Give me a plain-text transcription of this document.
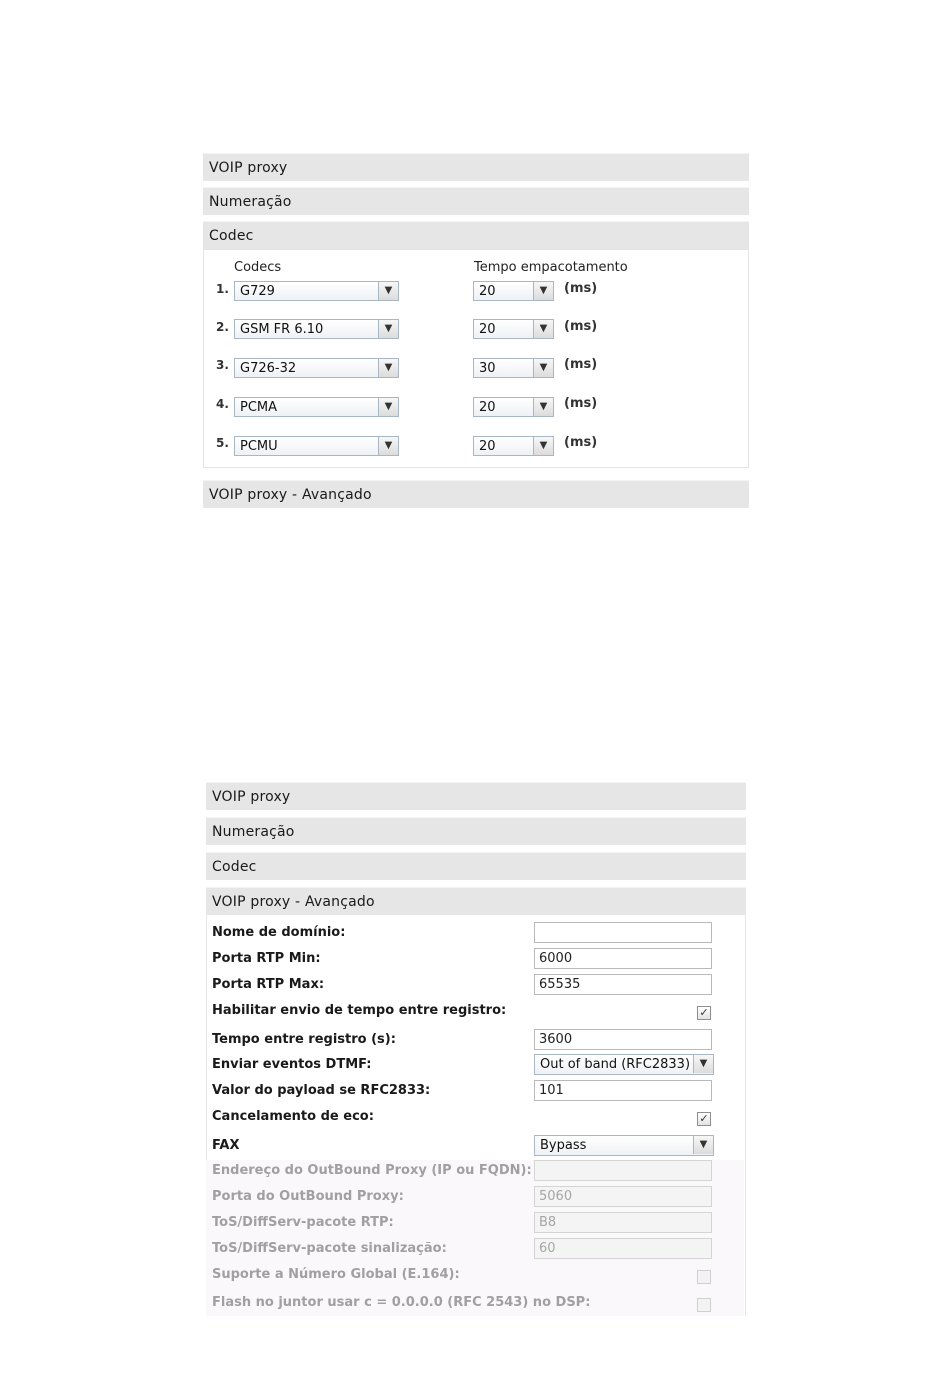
VOIP proxy
Numeração
Codec
Codecs	Tempo empacotamento
1. G729	▼	20	▼	(ms)
2. GSM FR 6.10	▼	20	▼	(ms)
3. G726-32	▼	30	▼	(ms)
4. PCMA	▼	20	▼	(ms)
5. PCMU	▼	20	▼	(ms)
VOIP proxy - Avançado
VOIP proxy
Numeração
Codec
VOIP proxy - Avançado
Nome de domínio:
Porta RTP Min:	6000
Porta RTP Max:	65535
Habilitar envio de tempo entre registro:	✓
Tempo entre registro (s):	3600
Enviar eventos DTMF:	Out of band (RFC2833) ▼
Valor do payload se RFC2833:	101
Cancelamento de eco:	✓
FAX	Bypass	▼
Endereço do OutBound Proxy (IP ou FQDN):
Porta do OutBound Proxy:	5060
ToS/DiffServ-pacote RTP:	B8
ToS/DiffServ-pacote sinalização:	60
Suporte a Número Global (E.164):
Flash no juntor usar c = 0.0.0.0 (RFC 2543) no DSP:
